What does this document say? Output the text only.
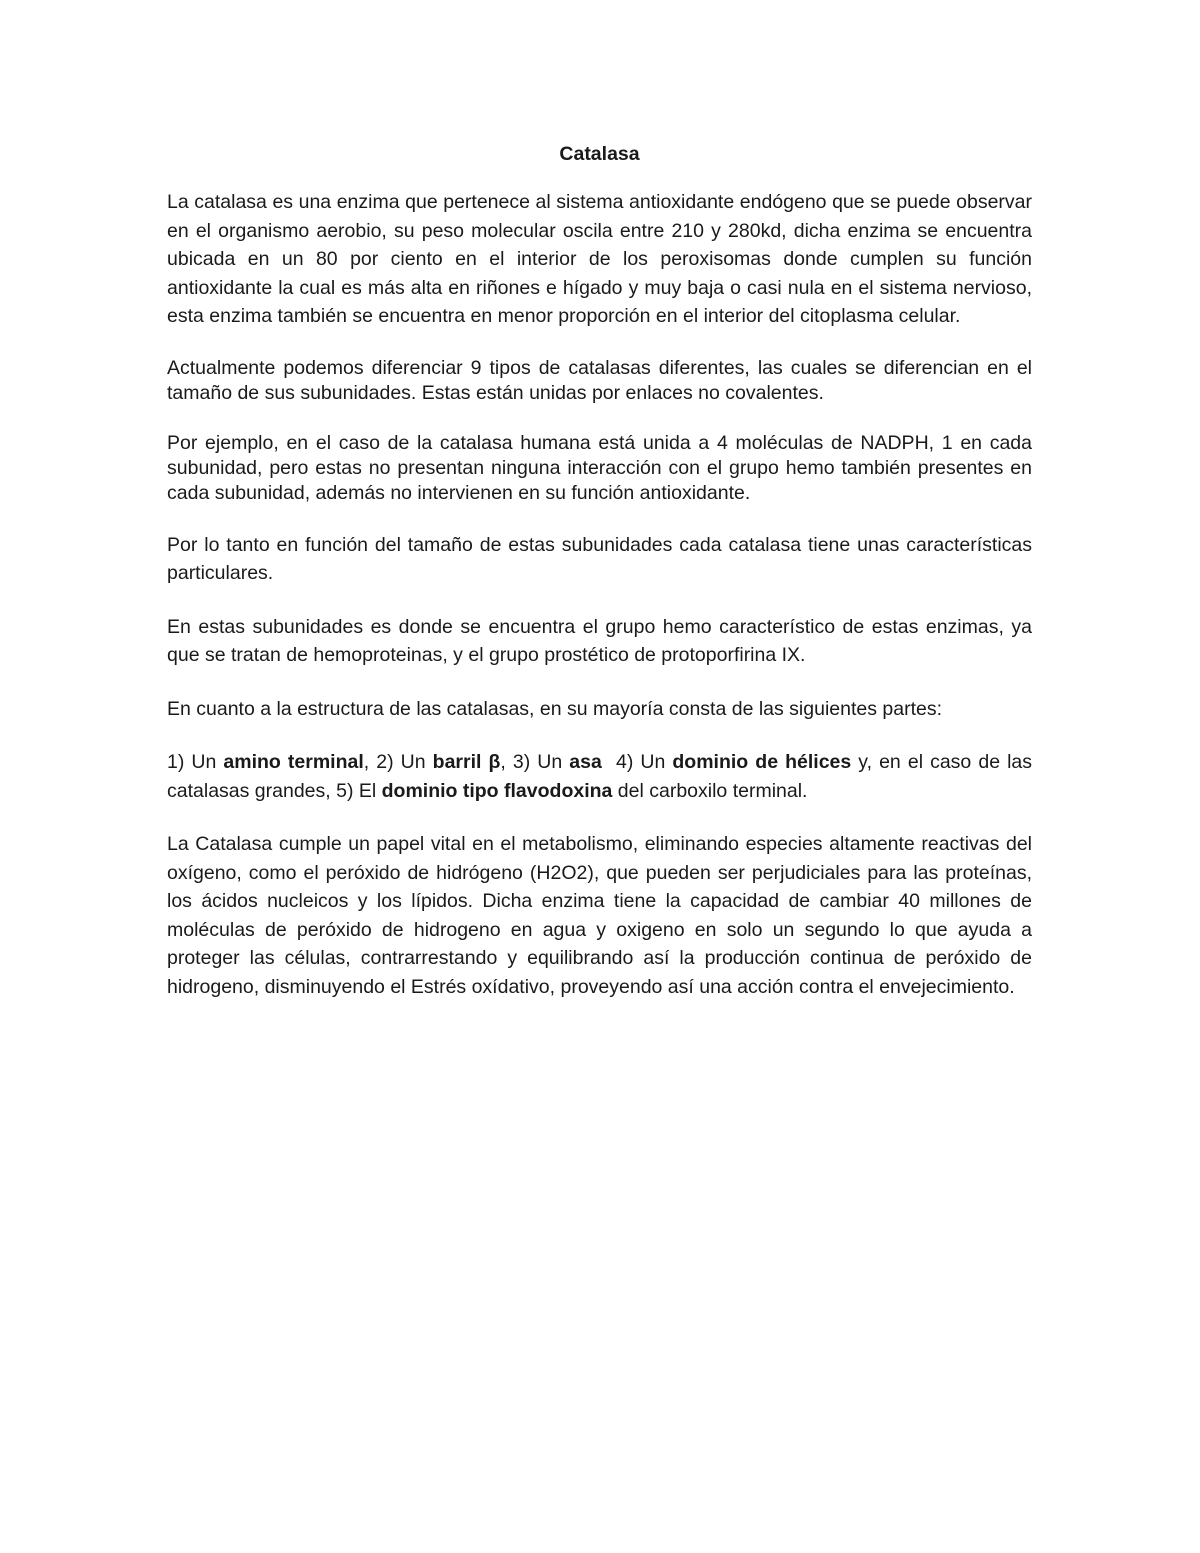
Catalasa

La catalasa es una enzima que pertenece al sistema antioxidante endógeno que se puede observar en el organismo aerobio, su peso molecular oscila entre 210 y 280kd, dicha enzima se encuentra ubicada en un 80 por ciento en el interior de los peroxisomas donde cumplen su función antioxidante la cual es más alta en riñones e hígado y muy baja o casi nula en el sistema nervioso, esta enzima también se encuentra en menor proporción en el interior del citoplasma celular.

Actualmente podemos diferenciar 9 tipos de catalasas diferentes, las cuales se diferencian en el tamaño de sus subunidades. Estas están unidas por enlaces no covalentes.

Por ejemplo, en el caso de la catalasa humana está unida a 4 moléculas de NADPH, 1 en cada subunidad, pero estas no presentan ninguna interacción con el grupo hemo también presentes en cada subunidad, además no intervienen en su función antioxidante.

Por lo tanto en función del tamaño de estas subunidades cada catalasa tiene unas características particulares.

En estas subunidades es donde se encuentra el grupo hemo característico de estas enzimas, ya que se tratan de hemoproteinas, y el grupo prostético de protoporfirina IX.

En cuanto a la estructura de las catalasas, en su mayoría consta de las siguientes partes:

1) Un amino terminal, 2) Un barril β, 3) Un asa  4) Un dominio de hélices y, en el caso de las catalasas grandes, 5) El dominio tipo flavodoxina del carboxilo terminal.

La Catalasa cumple un papel vital en el metabolismo, eliminando especies altamente reactivas del oxígeno, como el peróxido de hidrógeno (H2O2), que pueden ser perjudiciales para las proteínas, los ácidos nucleicos y los lípidos. Dicha enzima tiene la capacidad de cambiar 40 millones de moléculas de peróxido de hidrogeno en agua y oxigeno en solo un segundo lo que ayuda a proteger las células, contrarrestando y equilibrando así la producción continua de peróxido de hidrogeno, disminuyendo el Estrés oxídativo, proveyendo así una acción contra el envejecimiento.
